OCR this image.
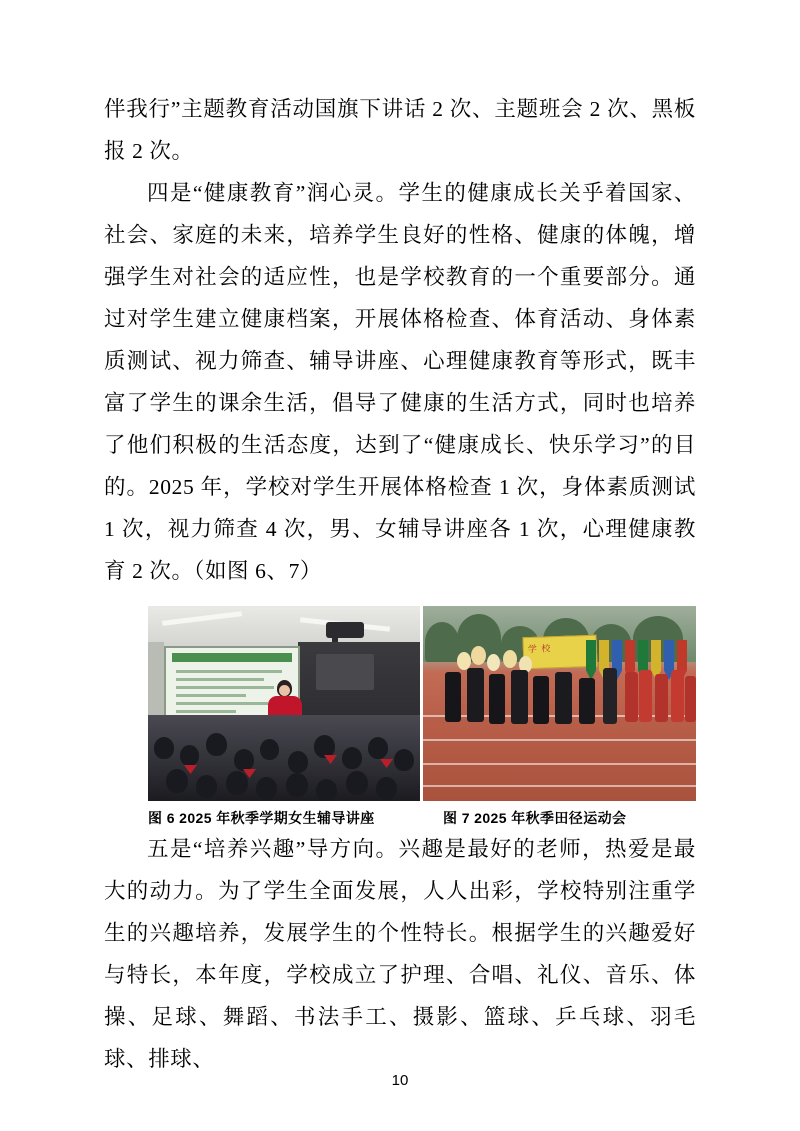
伴我行”主题教育活动国旗下讲话 2 次、主题班会 2 次、黑板报 2 次。

四是“健康教育”润心灵。学生的健康成长关乎着国家、社会、家庭的未来，培养学生良好的性格、健康的体魄，增强学生对社会的适应性，也是学校教育的一个重要部分。通过对学生建立健康档案，开展体格检查、体育活动、身体素质测试、视力筛查、辅导讲座、心理健康教育等形式，既丰富了学生的课余生活，倡导了健康的生活方式，同时也培养了他们积极的生活态度，达到了“健康成长、快乐学习”的目的。2025 年，学校对学生开展体格检查 1 次，身体素质测试 1 次，视力筛查 4 次，男、女辅导讲座各 1 次，心理健康教育 2 次。（如图 6、7）

学 校
图 6 2025 年秋季学期女生辅导讲座	图 7 2025 年秋季田径运动会

五是“培养兴趣”导方向。兴趣是最好的老师，热爱是最大的动力。为了学生全面发展，人人出彩，学校特别注重学生的兴趣培养，发展学生的个性特长。根据学生的兴趣爱好与特长，本年度，学校成立了护理、合唱、礼仪、音乐、体操、足球、舞蹈、书法手工、摄影、篮球、乒乓球、羽毛球、排球、

10
